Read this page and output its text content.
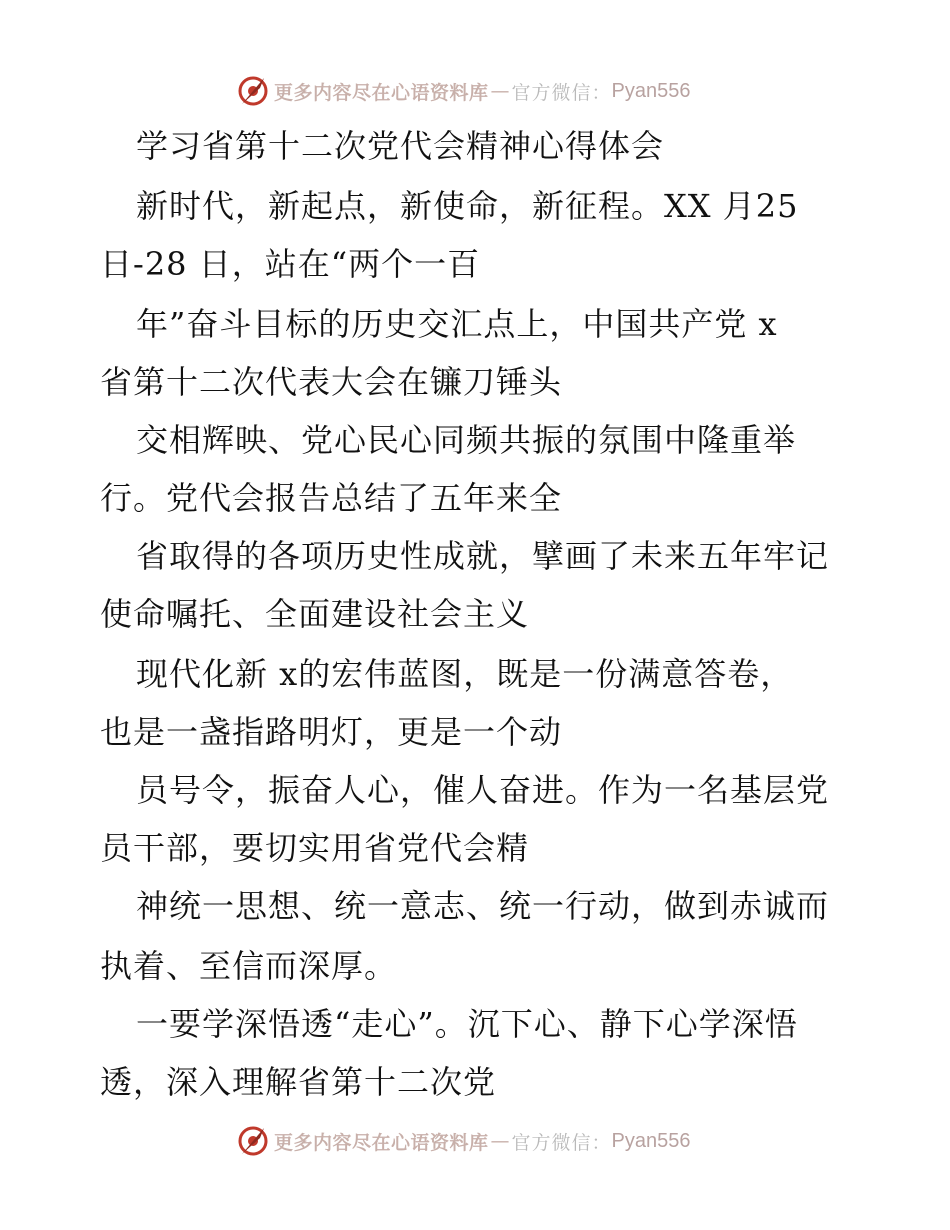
更多内容尽在心语资料库 — 官方微信： Pyan556
学习省第十二次党代会精神心得体会
新时代，新起点，新使命，新征程。XX 月25
日-28 日，站在“两个一百
年”奋斗目标的历史交汇点上，中国共产党 x
省第十二次代表大会在镰刀锤头
交相辉映、党心民心同频共振的氛围中隆重举
行。党代会报告总结了五年来全
省取得的各项历史性成就，擘画了未来五年牢记
使命嘱托、全面建设社会主义
现代化新 x的宏伟蓝图，既是一份满意答卷，
也是一盏指路明灯，更是一个动
员号令，振奋人心，催人奋进。作为一名基层党
员干部，要切实用省党代会精
神统一思想、统一意志、统一行动，做到赤诚而
执着、至信而深厚。
一要学深悟透“走心”。沉下心、静下心学深悟
透，深入理解省第十二次党
更多内容尽在心语资料库 — 官方微信： Pyan556
